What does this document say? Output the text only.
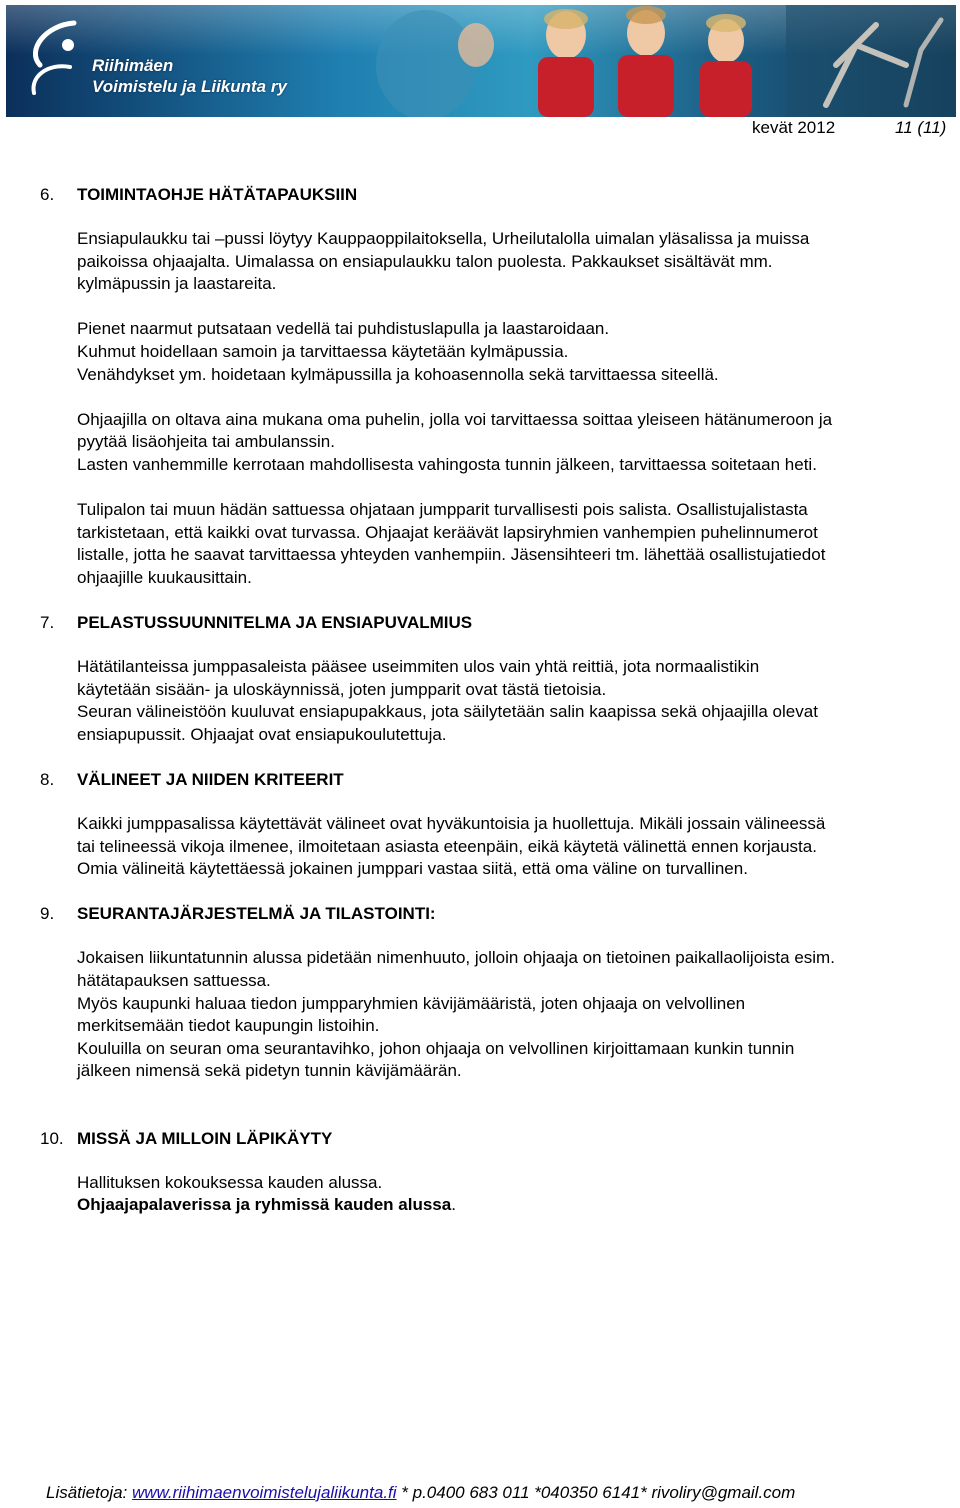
Riihimäen
Voimistelu ja Liikunta ry
kevät 2012	11 (11)
6.	TOIMINTAOHJE HÄTÄTAPAUKSIIN

Ensiapulaukku tai –pussi löytyy Kauppaoppilaitoksella, Urheilutalolla uimalan yläsalissa ja muissa
paikoissa ohjaajalta. Uimalassa on ensiapulaukku talon puolesta. Pakkaukset sisältävät mm.
kylmäpussin ja laastareita.

Pienet naarmut putsataan vedellä tai puhdistuslapulla ja laastaroidaan.
Kuhmut hoidellaan samoin ja tarvittaessa käytetään kylmäpussia.
Venähdykset ym. hoidetaan kylmäpussilla ja kohoasennolla sekä tarvittaessa siteellä.

Ohjaajilla on oltava aina mukana oma puhelin, jolla voi tarvittaessa soittaa yleiseen hätänumeroon ja
pyytää lisäohjeita tai ambulanssin.
Lasten vanhemmille kerrotaan mahdollisesta vahingosta tunnin jälkeen, tarvittaessa soitetaan heti.

Tulipalon tai muun hädän sattuessa ohjataan jumpparit turvallisesti pois salista. Osallistujalistasta
tarkistetaan, että kaikki ovat turvassa. Ohjaajat keräävät lapsiryhmien vanhempien puhelinnumerot
listalle, jotta he saavat tarvittaessa yhteyden vanhempiin. Jäsensihteeri tm. lähettää osallistujatiedot
ohjaajille kuukausittain.

7.	PELASTUSSUUNNITELMA JA ENSIAPUVALMIUS

Hätätilanteissa jumppasaleista pääsee useimmiten ulos vain yhtä reittiä, jota normaalistikin
käytetään sisään- ja uloskäynnissä, joten jumpparit ovat tästä tietoisia.
Seuran välineistöön kuuluvat ensiapupakkaus, jota säilytetään salin kaapissa sekä ohjaajilla olevat
ensiapupussit. Ohjaajat ovat ensiapukoulutettuja.

8.	VÄLINEET JA NIIDEN KRITEERIT

Kaikki jumppasalissa käytettävät välineet ovat hyväkuntoisia ja huollettuja. Mikäli jossain välineessä
tai telineessä vikoja ilmenee, ilmoitetaan asiasta eteenpäin, eikä käytetä välinettä ennen korjausta.
Omia välineitä käytettäessä jokainen jumppari vastaa siitä, että oma väline on turvallinen.

9.	SEURANTAJÄRJESTELMÄ JA TILASTOINTI:

Jokaisen liikuntatunnin alussa pidetään nimenhuuto, jolloin ohjaaja on tietoinen paikallaolijoista esim.
hätätapauksen sattuessa.
Myös kaupunki haluaa tiedon jumpparyhmien kävijämääristä, joten ohjaaja on velvollinen
merkitsemään tiedot kaupungin listoihin.
Kouluilla on seuran oma seurantavihko, johon ohjaaja on velvollinen kirjoittamaan kunkin tunnin
jälkeen nimensä sekä pidetyn tunnin kävijämäärän.

10. MISSÄ JA MILLOIN LÄPIKÄYTY

Hallituksen kokouksessa kauden alussa.
Ohjaajapalaverissa ja ryhmissä kauden alussa.

Lisätietoja: www.riihimaenvoimistelujaliikunta.fi * p.0400 683 011 *040350 6141* rivoliry@gmail.com
